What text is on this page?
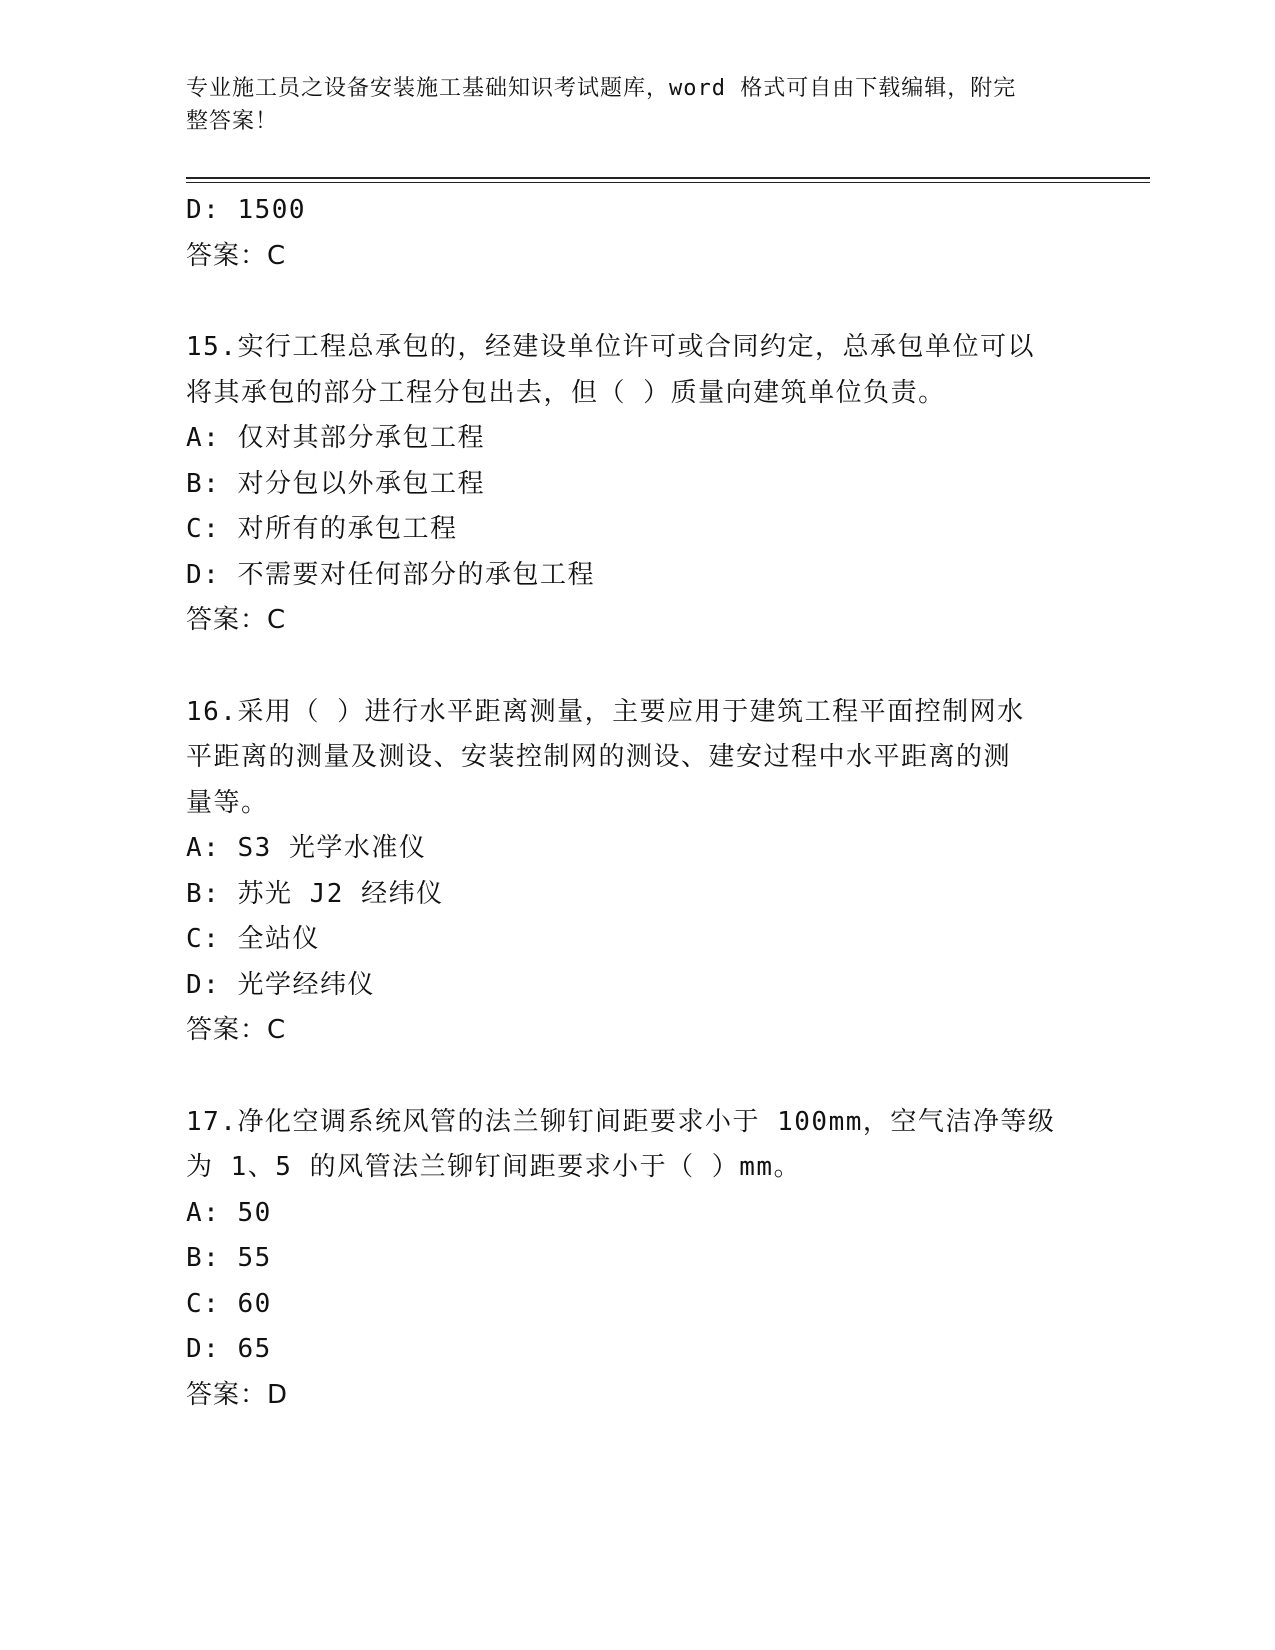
专业施工员之设备安装施工基础知识考试题库，word 格式可自由下载编辑，附完
整答案！
D: 1500
答案：C
15.实行工程总承包的，经建设单位许可或合同约定，总承包单位可以
将其承包的部分工程分包出去，但（ ）质量向建筑单位负责。
A: 仅对其部分承包工程
B: 对分包以外承包工程
C: 对所有的承包工程
D: 不需要对任何部分的承包工程
答案：C
16.采用（ ）进行水平距离测量，主要应用于建筑工程平面控制网水
平距离的测量及测设、安装控制网的测设、建安过程中水平距离的测
量等。
A: S3 光学水准仪
B: 苏光 J2 经纬仪
C: 全站仪
D: 光学经纬仪
答案：C
17.净化空调系统风管的法兰铆钉间距要求小于 100mm，空气洁净等级
为 1、5 的风管法兰铆钉间距要求小于（ ）mm。
A: 50
B: 55
C: 60
D: 65
答案：D
